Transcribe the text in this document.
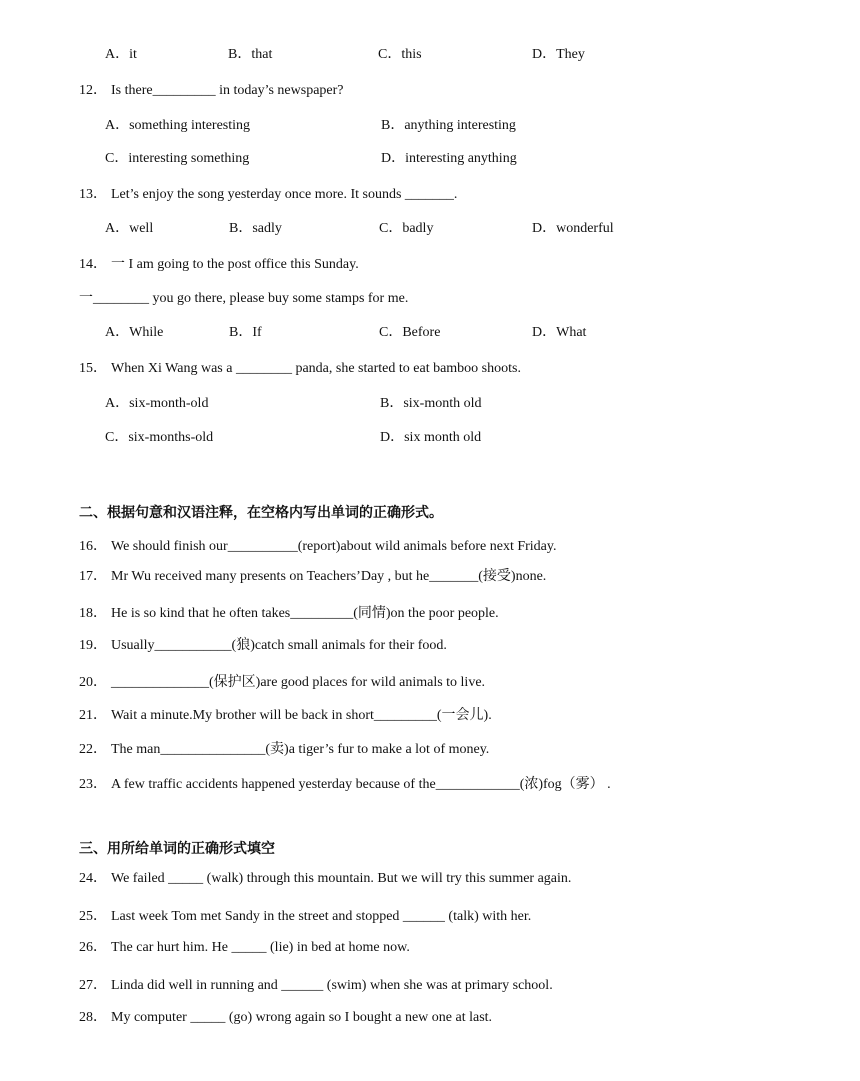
A．it	B．that	C．this	D．They
12． Is there_________ in today’s newspaper?
A．something interesting	B．anything interesting
C．interesting something	D．interesting anything
13． Let’s enjoy the song yesterday once more. It sounds _______.
A．well	B．sadly	C．badly	D．wonderful
14． 一 I am going to the post office this Sunday.
一________ you go there, please buy some stamps for me.
A．While	B．If	C．Before	D．What
15． When Xi Wang was a ________ panda, she started to eat bamboo shoots.
A．six-month-old	B．six-month old
C．six-months-old	D．six month old
二、根据句意和汉语注释，在空格内写出单词的正确形式。
16． We should finish our__________(report)about wild animals before next Friday.
17． Mr Wu received many presents on Teachers’Day , but he_______(接受)none.
18． He is so kind that he often takes_________(同情)on the poor people.
19． Usually___________(狼)catch small animals for their food.
20． ______________(保护区)are good places for wild animals to live.
21． Wait a minute.My brother will be back in short_________(一会儿).
22． The man_______________(卖)a tiger’s fur to make a lot of money.
23． A few traffic accidents happened yesterday because of the____________(浓)fog（雾） .
三、用所给单词的正确形式填空
24． We failed _____ (walk) through this mountain. But we will try this summer again.
25． Last week Tom met Sandy in the street and stopped ______ (talk) with her.
26． The car hurt him. He _____ (lie) in bed at home now.
27． Linda did well in running and ______ (swim) when she was at primary school.
28． My computer _____ (go) wrong again so I bought a new one at last.
